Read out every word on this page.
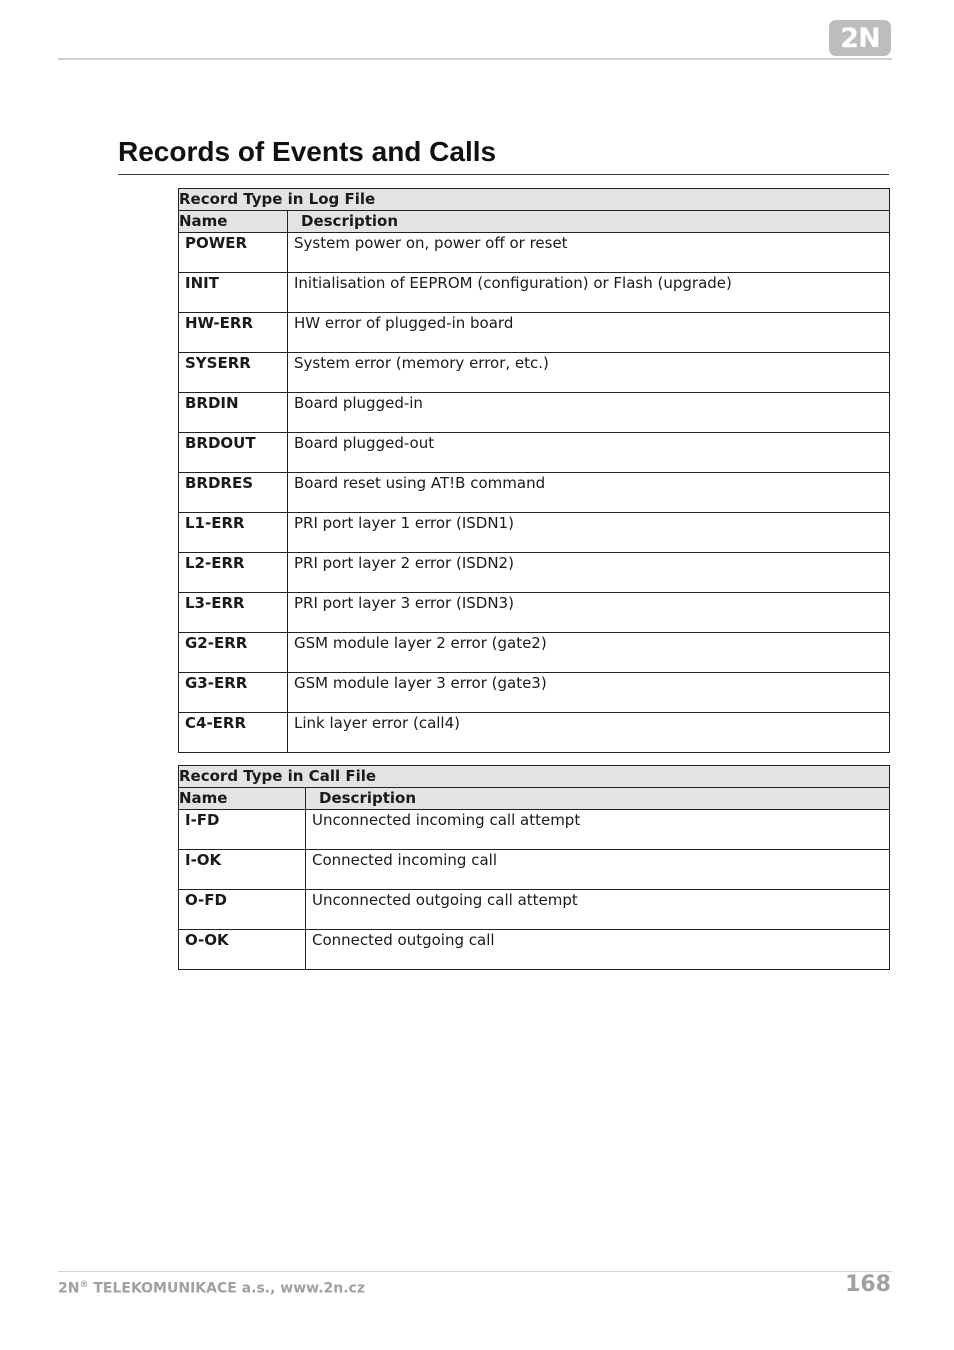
2N
Records of Events and Calls
Record Type in Log File	
Name	Description
POWER	System power on, power off or reset
INIT	Initialisation of EEPROM (configuration) or Flash (upgrade)
HW-ERR	HW error of plugged-in board
SYSERR	System error (memory error, etc.)
BRDIN	Board plugged-in
BRDOUT	Board plugged-out
BRDRES	Board reset using AT!B command
L1-ERR	PRI port layer 1 error (ISDN1)
L2-ERR	PRI port layer 2 error (ISDN2)
L3-ERR	PRI port layer 3 error (ISDN3)
G2-ERR	GSM module layer 2 error (gate2)
G3-ERR	GSM module layer 3 error (gate3)
C4-ERR	Link layer error (call4)
Record Type in Call File	
Name	Description
I-FD	Unconnected incoming call attempt
I-OK	Connected incoming call
O-FD	Unconnected outgoing call attempt
O-OK	Connected outgoing call
2N® TELEKOMUNIKACE a.s., www.2n.cz	168
